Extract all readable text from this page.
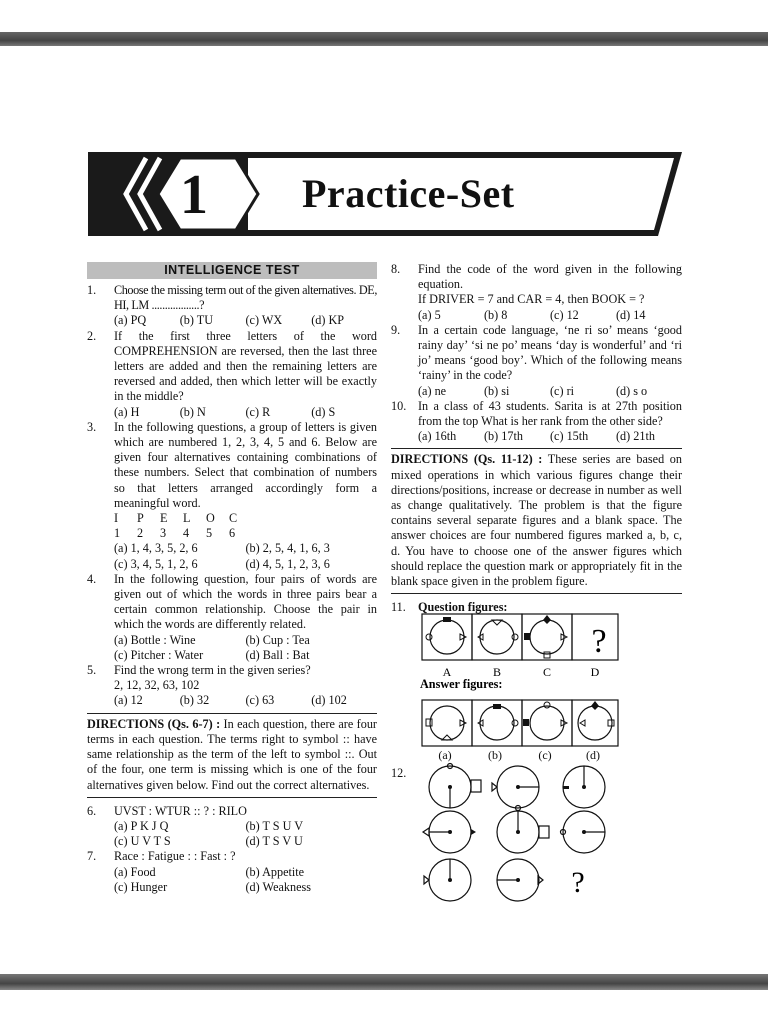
1 Practice-Set
INTELLIGENCE TEST
1.	Choose the missing term out of the given alternatives. DE, HI, LM ..................?
(a) PQ	(b) TU	(c) WX	(d) KP
2.	If the first three letters of the word COMPREHENSION are reversed, then the last three letters are added and then the remaining letters are reversed and added, then which letter will be exactly in the middle?
(a) H	(b) N	(c) R	(d) S
3.	In the following questions, a group of letters is given which are numbered 1, 2, 3, 4, 5 and 6. Below are given four alternatives containing combinations of these numbers. Select that combination of numbers so that letters arranged accordingly form a meaningful word.
I	P	E	L	O	C
1	2	3	4	5	6
(a) 1, 4, 3, 5, 2, 6	(b) 2, 5, 4, 1, 6, 3
(c) 3, 4, 5, 1, 2, 6	(d) 4, 5, 1, 2, 3, 6
4.	In the following question, four pairs of words are given out of which the words in three pairs bear a certain common relationship. Choose the pair in which the words are differently related.
(a) Bottle : Wine	(b) Cup : Tea
(c) Pitcher : Water	(d) Ball : Bat
5.	Find the wrong term in the given series?
2, 12, 32, 63, 102
(a) 12	(b) 32	(c) 63	(d) 102
DIRECTIONS (Qs. 6-7) : In each question, there are four terms in each question. The terms right to symbol :: have same relationship as the term of the left to symbol ::. Out of the four, one term is missing which is one of the four alternatives given below. Find out the correct alternatives.
6.	UVST : WTUR :: ? : RILO
(a) P K J Q	(b) T S U V
(c) U V T S	(d) T S V U
7.	Race : Fatigue : : Fast : ?
(a) Food	(b) Appetite
(c) Hunger	(d) Weakness
8.	Find the code of the word given in the following equation.
If DRIVER = 7 and CAR = 4, then BOOK = ?
(a) 5	(b) 8	(c) 12	(d) 14
9.	In a certain code language, ‘ne ri so’ means ‘good rainy day’ ‘si ne po’ means ‘day is wonderful’ and ‘ri jo’ means ‘good boy’. Which of the following means ‘rainy’ in the code?
(a) ne	(b) si	(c) ri	(d) s o
10. In a class of 43 students. Sarita is at 27th position from the top What is her rank from the other side?
(a) 16th	(b) 17th	(c) 15th	(d) 21th
DIRECTIONS (Qs. 11-12) : These series are based on mixed operations in which various figures change their directions/positions, increase or decrease in number as well as change qualitatively. The problem is that the figure contains several separate figures and a blank space. The answer choices are four numbered figures marked a, b, c, d. You have to choose one of the answer figures which should replace the question mark or appropriately fit in the blank space given in the problem figure.
11.	Question figures:
?
A	B	C	D
Answer figures:
(a)	(b)	(c)	(d)
12.
?
